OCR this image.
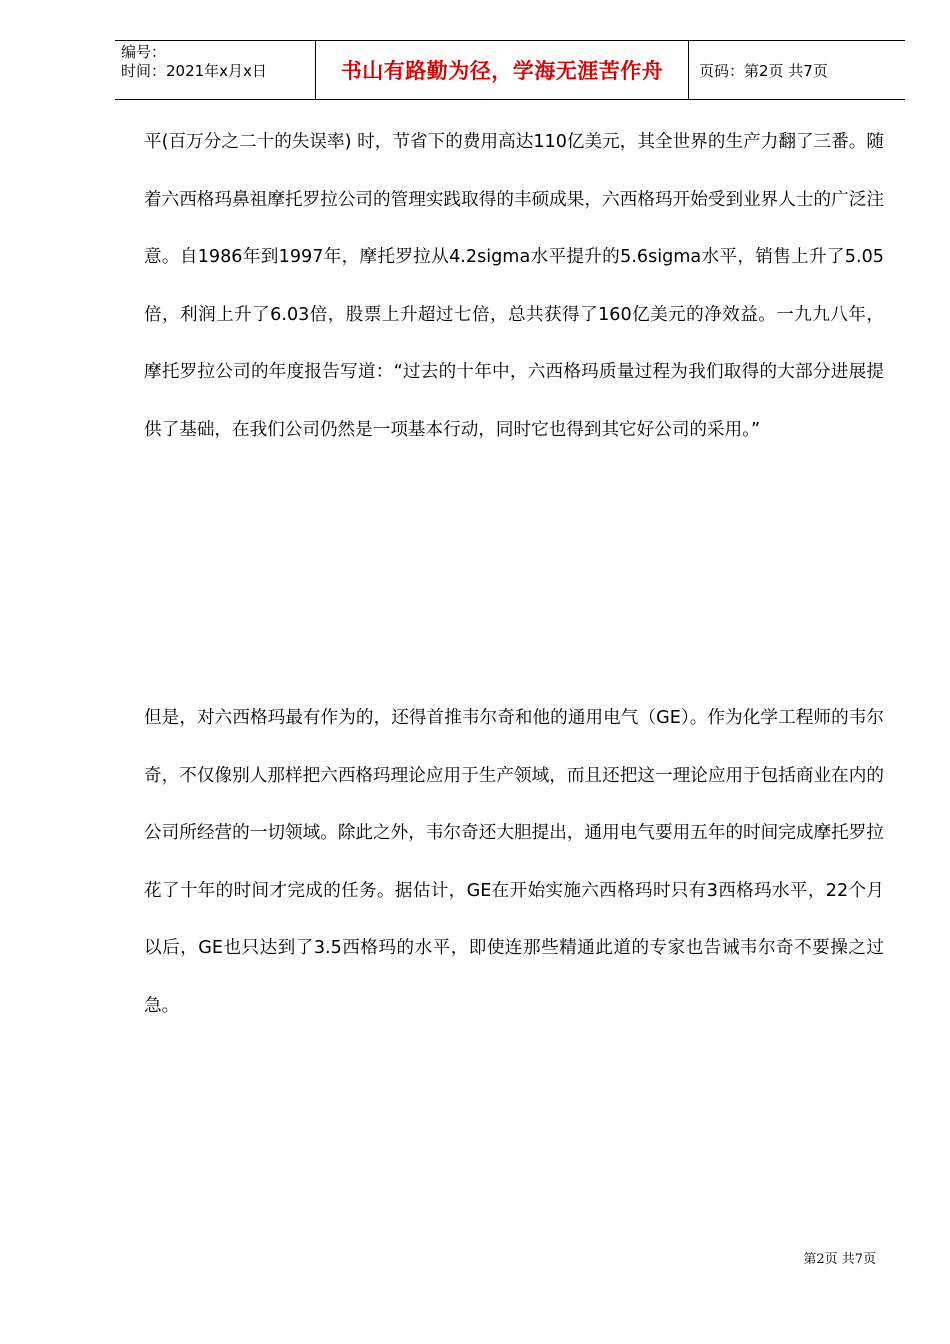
编号：
时间：2021年x月x日	书山有路勤为径，学海无涯苦作舟	页码：第2页 共7页

平(百万分之二十的失误率) 时，节省下的费用高达110亿美元，其全世界的生产力翻了三番。随着六西格玛鼻祖摩托罗拉公司的管理实践取得的丰硕成果，六西格玛开始受到业界人士的广泛注意。自1986年到1997年，摩托罗拉从4.2sigma水平提升的5.6sigma水平，销售上升了5.05倍，利润上升了6.03倍，股票上升超过七倍，总共获得了160亿美元的净效益。一九九八年，摩托罗拉公司的年度报告写道：“过去的十年中，六西格玛质量过程为我们取得的大部分进展提供了基础，在我们公司仍然是一项基本行动，同时它也得到其它好公司的采用。”

但是，对六西格玛最有作为的，还得首推韦尔奇和他的通用电气（GE）。作为化学工程师的韦尔奇，不仅像别人那样把六西格玛理论应用于生产领域，而且还把这一理论应用于包括商业在内的公司所经营的一切领域。除此之外，韦尔奇还大胆提出，通用电气要用五年的时间完成摩托罗拉花了十年的时间才完成的任务。据估计，GE在开始实施六西格玛时只有3西格玛水平，22个月以后，GE也只达到了3.5西格玛的水平，即使连那些精通此道的专家也告诫韦尔奇不要操之过急。

第2页 共7页
